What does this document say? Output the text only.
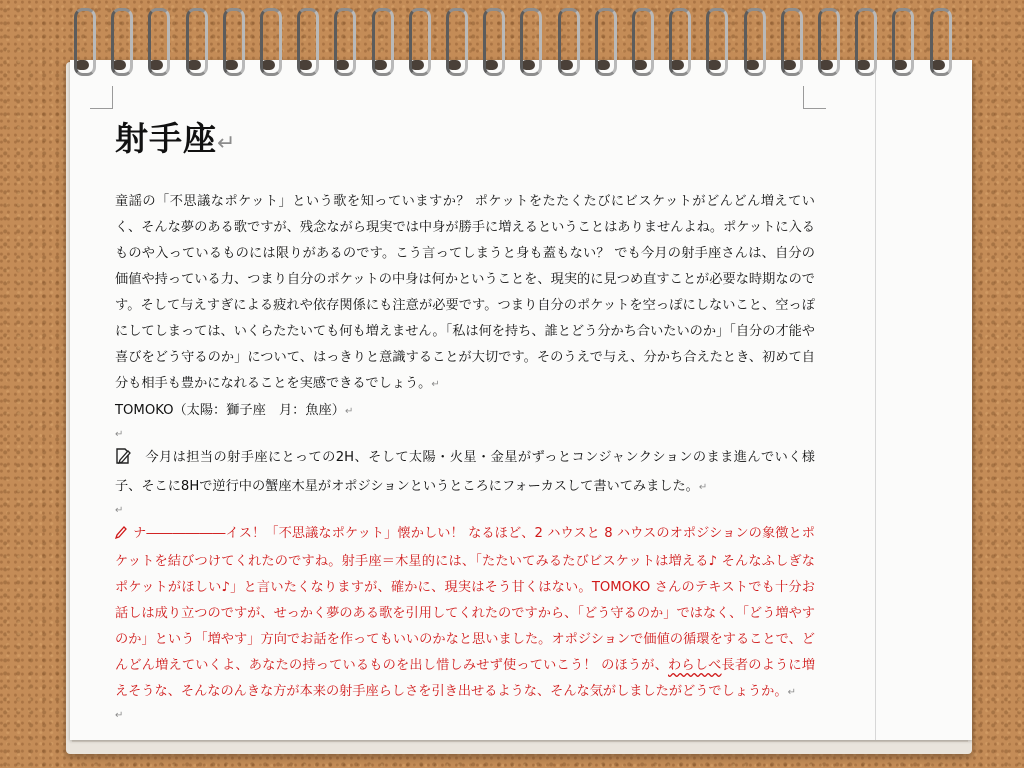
射手座↵

童謡の「不思議なポケット」という歌を知っていますか？ ポケットをたたくたびにビスケットがどんどん増えていく、そんな夢のある歌ですが、残念ながら現実では中身が勝手に増えるということはありませんよね。ポケットに入るものや入っているものには限りがあるのです。こう言ってしまうと身も蓋もない？ でも今月の射手座さんは、自分の価値や持っている力、つまり自分のポケットの中身は何かということを、現実的に見つめ直すことが必要な時期なのです。そして与えすぎによる疲れや依存関係にも注意が必要です。つまり自分のポケットを空っぽにしないこと、空っぽにしてしまっては、いくらたたいても何も増えません。「私は何を持ち、誰とどう分かち合いたいのか」「自分の才能や喜びをどう守るのか」について、はっきりと意識することが大切です。そのうえで与え、分かち合えたとき、初めて自分も相手も豊かになれることを実感できるでしょう。↵

TOMOKO（太陽：獅子座　月：魚座）↵

↵

今月は担当の射手座にとっての2H、そして太陽・火星・金星がずっとコンジャンクションのまま進んでいく様子、そこに8Hで逆行中の蟹座木星がオポジションというところにフォーカスして書いてみました。↵

↵

ナ――――――イス！「不思議なポケット」懐かしい！ なるほど、2 ハウスと 8 ハウスのオポジションの象徴とポケットを結びつけてくれたのですね。射手座＝木星的には、「たたいてみるたびビスケットは増える♪ そんなふしぎなポケットがほしい♪」と言いたくなりますが、確かに、現実はそう甘くはない。TOMOKO さんのテキストでも十分お話しは成り立つのですが、せっかく夢のある歌を引用してくれたのですから、「どう守るのか」ではなく、「どう増やすのか」という「増やす」方向でお話を作ってもいいのかなと思いました。オポジションで価値の循環をすることで、どんどん増えていくよ、あなたの持っているものを出し惜しみせず使っていこう！ のほうが、わらしべ長者のように増えそうな、そんなのんきな方が本来の射手座らしさを引き出せるような、そんな気がしましたがどうでしょうか。↵

↵
